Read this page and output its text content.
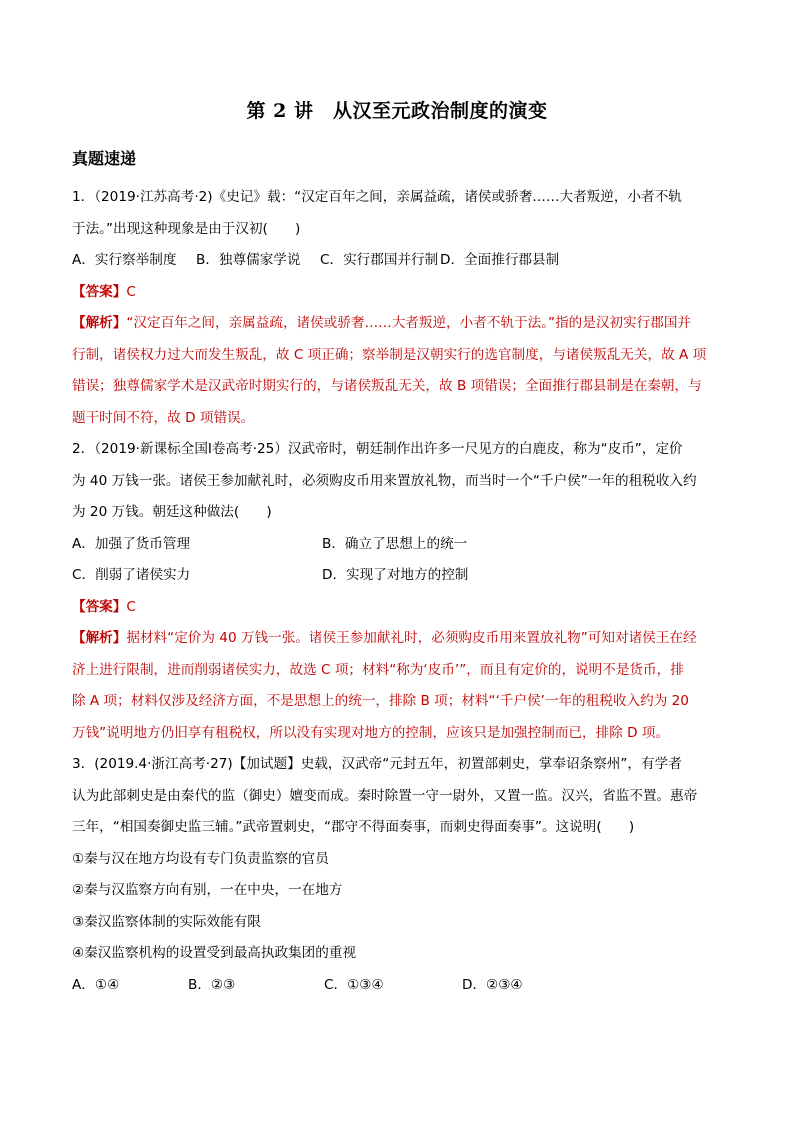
第 2 讲　从汉至元政治制度的演变
真题速递

1．（2019·江苏高考·2)《史记》载：“汉定百年之间，亲属益疏，诸侯或骄奢……大者叛逆，小者不轨

于法。”出现这种现象是由于汉初(　　)

A．实行察举制度	B．独尊儒家学说	C．实行郡国并行制 D．全面推行郡县制

【答案】C

【解析】“汉定百年之间，亲属益疏，诸侯或骄奢……大者叛逆，小者不轨于法。”指的是汉初实行郡国并

行制，诸侯权力过大而发生叛乱，故 C 项正确；察举制是汉朝实行的选官制度，与诸侯叛乱无关，故 A 项

错误；独尊儒家学术是汉武帝时期实行的，与诸侯叛乱无关，故 B 项错误；全面推行郡县制是在秦朝，与

题干时间不符，故 D 项错误。

2．（2019·新课标全国Ⅰ卷高考·25）汉武帝时，朝廷制作出许多一尺见方的白鹿皮，称为“皮币”，定价

为 40 万钱一张。诸侯王参加献礼时，必须购皮币用来置放礼物，而当时一个“千户侯”一年的租税收入约

为 20 万钱。朝廷这种做法(　　)

A．加强了货币管理	B．确立了思想上的统一

C．削弱了诸侯实力	D．实现了对地方的控制

【答案】C

【解析】据材料“定价为 40 万钱一张。诸侯王参加献礼时，必须购皮币用来置放礼物”可知对诸侯王在经

济上进行限制，进而削弱诸侯实力，故选 C 项；材料“称为‘皮币’”，而且有定价的，说明不是货币，排

除 A 项；材料仅涉及经济方面，不是思想上的统一，排除 B 项；材料“‘千户侯’一年的租税收入约为 20

万钱”说明地方仍旧享有租税权，所以没有实现对地方的控制，应该只是加强控制而已，排除 D 项。

3．(2019.4·浙江高考·27)【加试题】史载，汉武帝“元封五年，初置部刺史，掌奉诏条察州”，有学者

认为此部刺史是由秦代的监（御史）嬗变而成。秦时除置一守一尉外，又置一监。汉兴，省监不置。惠帝

三年，“相国奏御史监三辅。”武帝置刺史，“郡守不得面奏事，而刺史得面奏事”。这说明(　　)

①秦与汉在地方均设有专门负责监察的官员

②秦与汉监察方向有别，一在中央，一在地方

③秦汉监察体制的实际效能有限

④秦汉监察机构的设置受到最高执政集团的重视

A．①④	B．②③	C．①③④	D．②③④
